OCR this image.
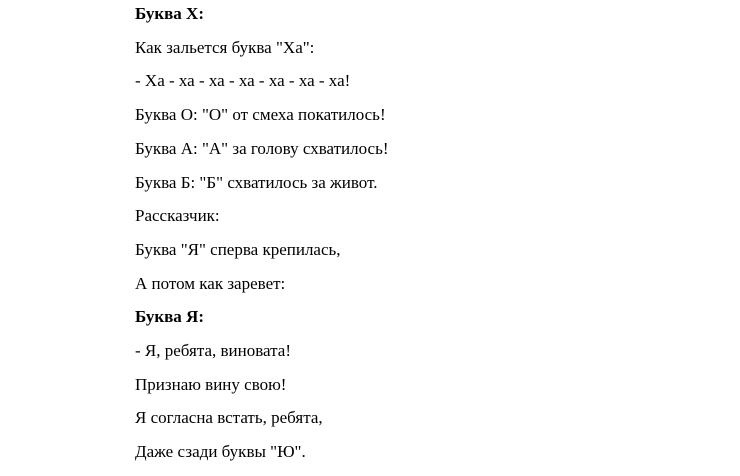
Буква Х:

Как зальется буква "Ха":

- Ха - ха - ха - ха - ха - ха - ха!

Буква О: "О" от смеха покатилось!

Буква А: "А" за голову схватилось!

Буква Б: "Б" схватилось за живот.

Рассказчик:

Буква "Я" сперва крепилась,

А потом как заревет:

Буква Я:

- Я, ребята, виновата!

Признаю вину свою!

Я согласна встать, ребята,

Даже сзади буквы "Ю".
